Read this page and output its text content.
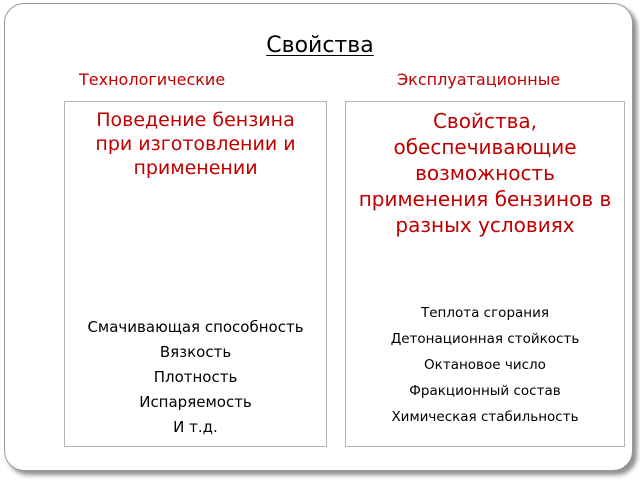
Свойства
Технологические	Эксплуатационные
Поведение бензина при изготовлении и применении
Смачивающая способность
Вязкость
Плотность
Испаряемость
И т.д.
Свойства, обеспечивающие возможность применения бензинов в разных условиях
Теплота сгорания
Детонационная стойкость
Октановое число
Фракционный состав
Химическая стабильность
